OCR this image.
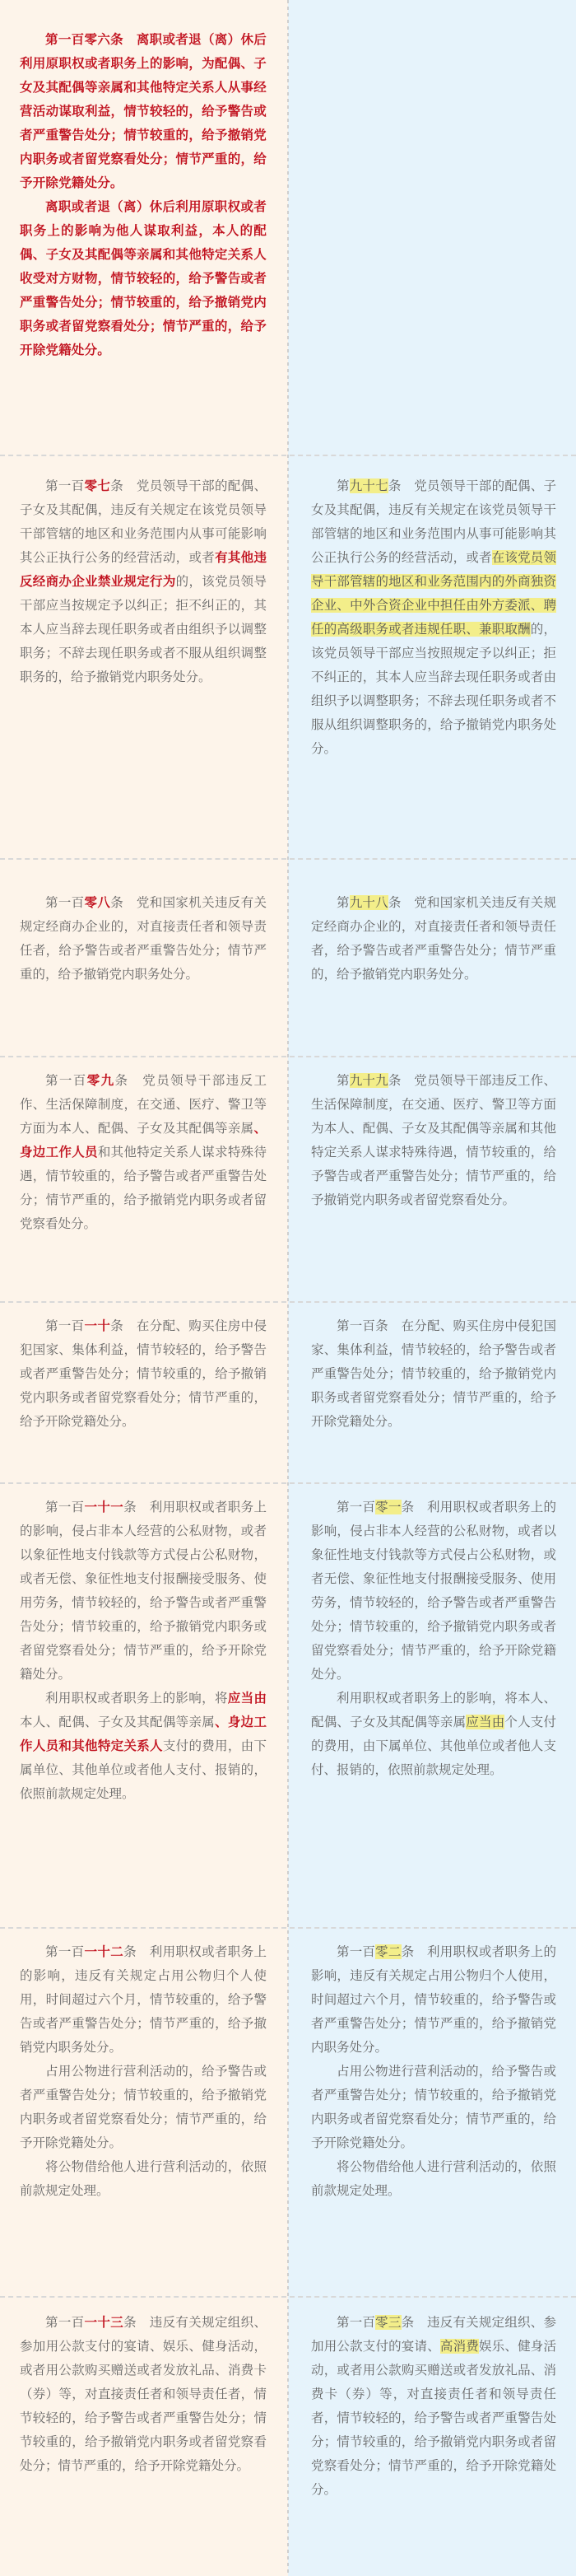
第一百零六条　离职或者退（离）休后利用原职权或者职务上的影响，为配偶、子女及其配偶等亲属和其他特定关系人从事经营活动谋取利益，情节较轻的，给予警告或者严重警告处分；情节较重的，给予撤销党内职务或者留党察看处分；情节严重的，给予开除党籍处分。

离职或者退（离）休后利用原职权或者职务上的影响为他人谋取利益，本人的配偶、子女及其配偶等亲属和其他特定关系人收受对方财物，情节较轻的，给予警告或者严重警告处分；情节较重的，给予撤销党内职务或者留党察看处分；情节严重的，给予开除党籍处分。

第一百零七条　党员领导干部的配偶、子女及其配偶，违反有关规定在该党员领导干部管辖的地区和业务范围内从事可能影响其公正执行公务的经营活动，或者有其他违反经商办企业禁业规定行为的，该党员领导干部应当按规定予以纠正；拒不纠正的，其本人应当辞去现任职务或者由组织予以调整职务；不辞去现任职务或者不服从组织调整职务的，给予撤销党内职务处分。

第九十七条　党员领导干部的配偶、子女及其配偶，违反有关规定在该党员领导干部管辖的地区和业务范围内从事可能影响其公正执行公务的经营活动，或者在该党员领导干部管辖的地区和业务范围内的外商独资企业、中外合资企业中担任由外方委派、聘任的高级职务或者违规任职、兼职取酬的，该党员领导干部应当按照规定予以纠正；拒不纠正的，其本人应当辞去现任职务或者由组织予以调整职务；不辞去现任职务或者不服从组织调整职务的，给予撤销党内职务处分。

第一百零八条　党和国家机关违反有关规定经商办企业的，对直接责任者和领导责任者，给予警告或者严重警告处分；情节严重的，给予撤销党内职务处分。

第九十八条　党和国家机关违反有关规定经商办企业的，对直接责任者和领导责任者，给予警告或者严重警告处分；情节严重的，给予撤销党内职务处分。

第一百零九条　党员领导干部违反工作、生活保障制度，在交通、医疗、警卫等方面为本人、配偶、子女及其配偶等亲属、身边工作人员和其他特定关系人谋求特殊待遇，情节较重的，给予警告或者严重警告处分；情节严重的，给予撤销党内职务或者留党察看处分。

第九十九条　党员领导干部违反工作、生活保障制度，在交通、医疗、警卫等方面为本人、配偶、子女及其配偶等亲属和其他特定关系人谋求特殊待遇，情节较重的，给予警告或者严重警告处分；情节严重的，给予撤销党内职务或者留党察看处分。

第一百一十条　在分配、购买住房中侵犯国家、集体利益，情节较轻的，给予警告或者严重警告处分；情节较重的，给予撤销党内职务或者留党察看处分；情节严重的，给予开除党籍处分。

第一百条　在分配、购买住房中侵犯国家、集体利益，情节较轻的，给予警告或者严重警告处分；情节较重的，给予撤销党内职务或者留党察看处分；情节严重的，给予开除党籍处分。

第一百一十一条　利用职权或者职务上的影响，侵占非本人经营的公私财物，或者以象征性地支付钱款等方式侵占公私财物，或者无偿、象征性地支付报酬接受服务、使用劳务，情节较轻的，给予警告或者严重警告处分；情节较重的，给予撤销党内职务或者留党察看处分；情节严重的，给予开除党籍处分。

利用职权或者职务上的影响，将应当由本人、配偶、子女及其配偶等亲属、身边工作人员和其他特定关系人支付的费用，由下属单位、其他单位或者他人支付、报销的，依照前款规定处理。

第一百零一条　利用职权或者职务上的影响，侵占非本人经营的公私财物，或者以象征性地支付钱款等方式侵占公私财物，或者无偿、象征性地支付报酬接受服务、使用劳务，情节较轻的，给予警告或者严重警告处分；情节较重的，给予撤销党内职务或者留党察看处分；情节严重的，给予开除党籍处分。

利用职权或者职务上的影响，将本人、配偶、子女及其配偶等亲属应当由个人支付的费用，由下属单位、其他单位或者他人支付、报销的，依照前款规定处理。

第一百一十二条　利用职权或者职务上的影响，违反有关规定占用公物归个人使用，时间超过六个月，情节较重的，给予警告或者严重警告处分；情节严重的，给予撤销党内职务处分。

占用公物进行营利活动的，给予警告或者严重警告处分；情节较重的，给予撤销党内职务或者留党察看处分；情节严重的，给予开除党籍处分。

将公物借给他人进行营利活动的，依照前款规定处理。

第一百零二条　利用职权或者职务上的影响，违反有关规定占用公物归个人使用，时间超过六个月，情节较重的，给予警告或者严重警告处分；情节严重的，给予撤销党内职务处分。

占用公物进行营利活动的，给予警告或者严重警告处分；情节较重的，给予撤销党内职务或者留党察看处分；情节严重的，给予开除党籍处分。

将公物借给他人进行营利活动的，依照前款规定处理。

第一百一十三条　违反有关规定组织、参加用公款支付的宴请、娱乐、健身活动，或者用公款购买赠送或者发放礼品、消费卡（券）等，对直接责任者和领导责任者，情节较轻的，给予警告或者严重警告处分；情节较重的，给予撤销党内职务或者留党察看处分；情节严重的，给予开除党籍处分。

第一百零三条　违反有关规定组织、参加用公款支付的宴请、高消费娱乐、健身活动，或者用公款购买赠送或者发放礼品、消费卡（券）等，对直接责任者和领导责任者，情节较轻的，给予警告或者严重警告处分；情节较重的，给予撤销党内职务或者留党察看处分；情节严重的，给予开除党籍处分。
